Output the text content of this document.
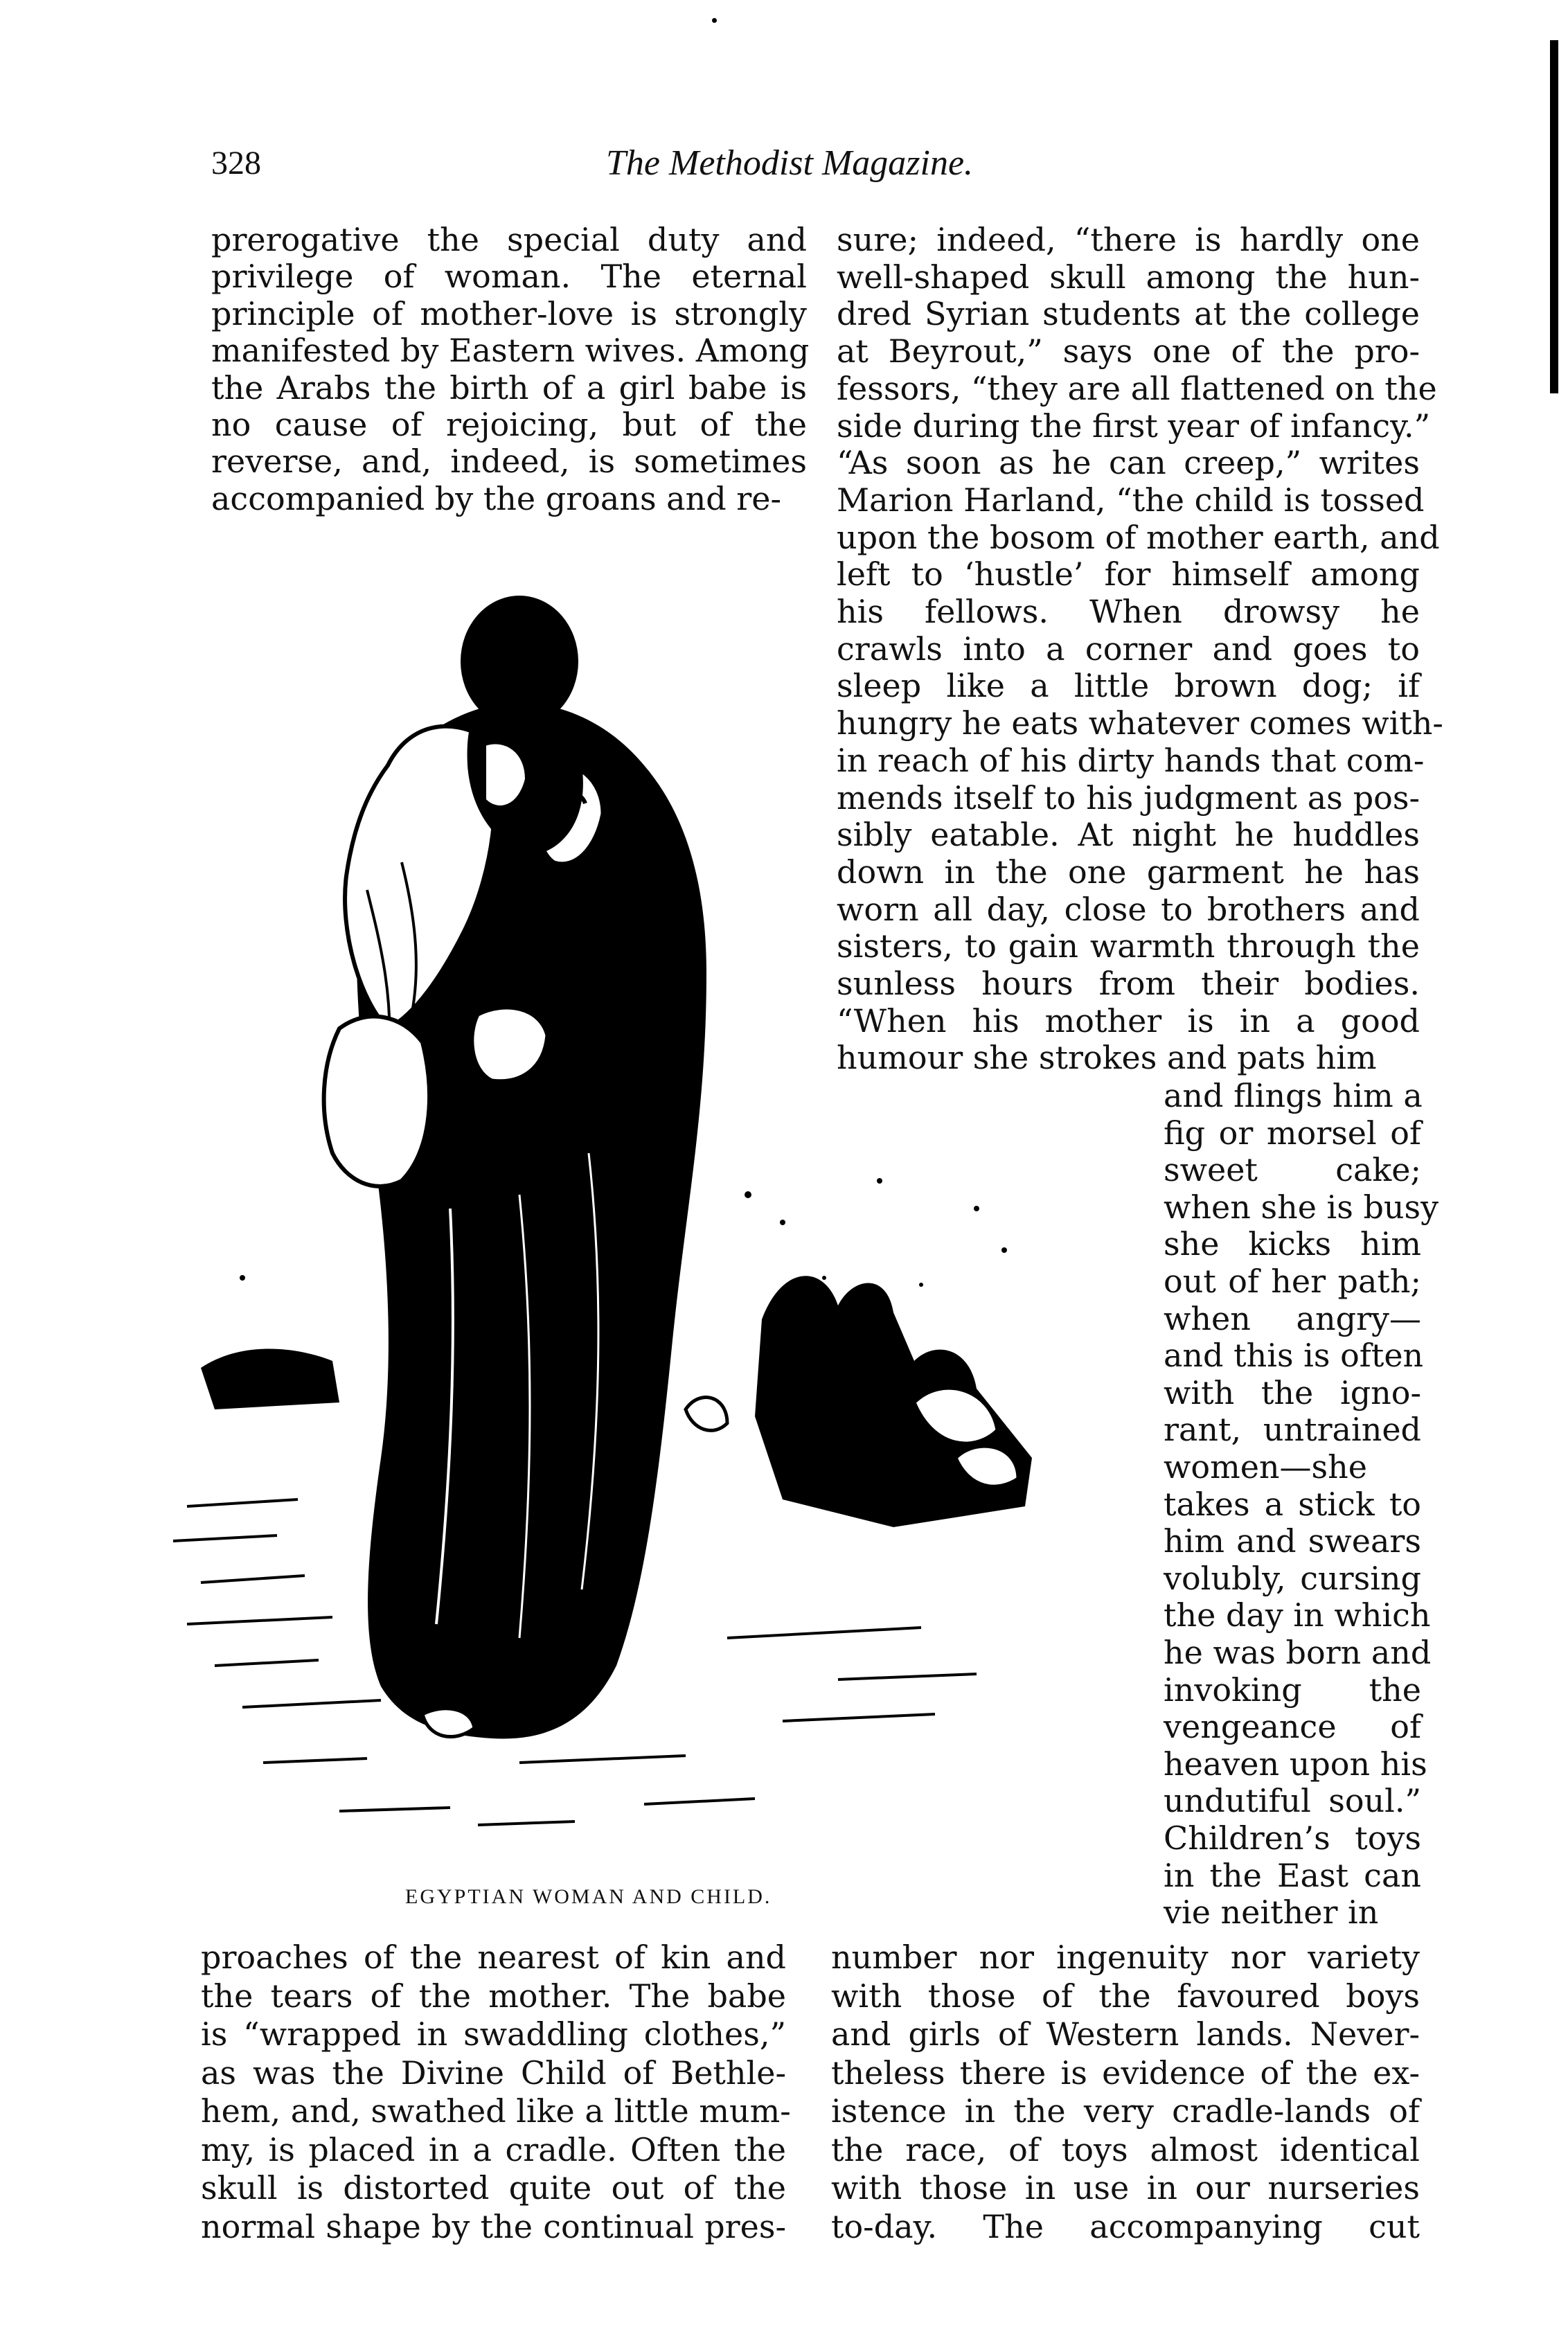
328	The Methodist Magazine.
prerogative the special duty and
privilege of woman. The eternal
principle of mother-love is strongly
manifested by Eastern wives. Among
the Arabs the birth of a girl babe is
no cause of rejoicing, but of the
reverse, and, indeed, is sometimes
accompanied by the groans and re-
sure; indeed, “there is hardly one
well-shaped skull among the hun-
dred Syrian students at the college
at Beyrout,” says one of the pro-
fessors, “they are all flattened on the
side during the first year of infancy.”
“As soon as he can creep,” writes
Marion Harland, “the child is tossed
upon the bosom of mother earth, and
left to ‘hustle’ for himself among
his fellows. When drowsy he
crawls into a corner and goes to
sleep like a little brown dog; if
hungry he eats whatever comes with-
in reach of his dirty hands that com-
mends itself to his judgment as pos-
sibly eatable. At night he huddles
down in the one garment he has
worn all day, close to brothers and
sisters, to gain warmth through the
sunless hours from their bodies.
“When his mother is in a good
humour she strokes and pats him
and flings him a
fig or morsel of
sweet cake;
when she is busy
she kicks him
out of her path;
when angry—
and this is often
with the igno-
rant, untrained
women—she
takes a stick to
him and swears
volubly, cursing
the day in which
he was born and
invoking the
vengeance of
heaven upon his
undutiful soul.”
Children’s toys
in the East can
vie neither in
proaches of the nearest of kin and
the tears of the mother. The babe
is “wrapped in swaddling clothes,”
as was the Divine Child of Bethle-
hem, and, swathed like a little mum-
my, is placed in a cradle. Often the
skull is distorted quite out of the
normal shape by the continual pres-
number nor ingenuity nor variety
with those of the favoured boys
and girls of Western lands. Never-
theless there is evidence of the ex-
istence in the very cradle-lands of
the race, of toys almost identical
with those in use in our nurseries
to-day. The accompanying cut
EGYPTIAN WOMAN AND CHILD.
